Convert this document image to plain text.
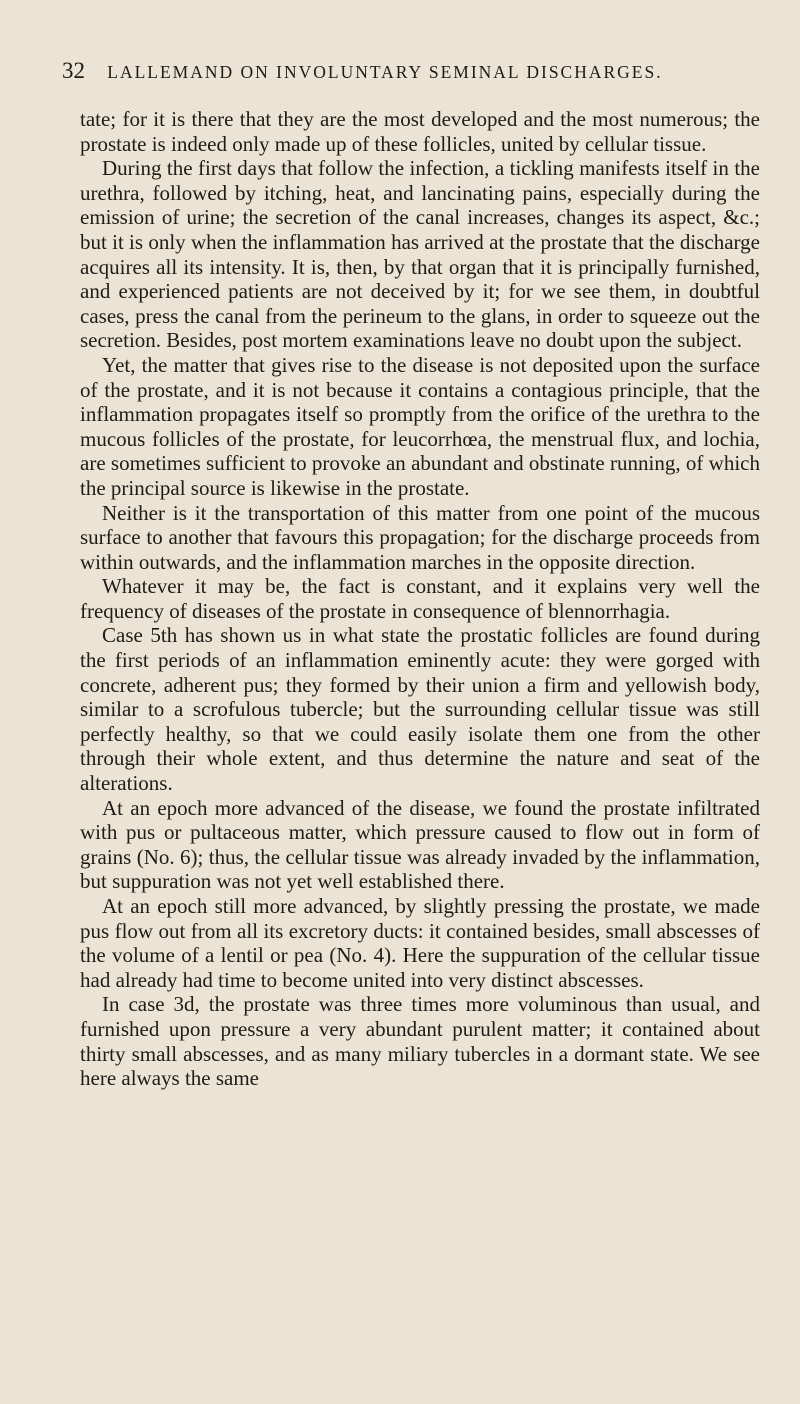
32 LALLEMAND ON INVOLUNTARY SEMINAL DISCHARGES.

tate; for it is there that they are the most developed and the most numerous; the prostate is indeed only made up of these follicles, united by cellular tissue.

During the first days that follow the infection, a tickling manifests itself in the urethra, followed by itching, heat, and lancinating pains, especially during the emission of urine; the secretion of the canal increases, changes its aspect, &c.; but it is only when the inflammation has arrived at the prostate that the discharge acquires all its intensity. It is, then, by that organ that it is principally furnished, and experienced patients are not deceived by it; for we see them, in doubtful cases, press the canal from the perineum to the glans, in order to squeeze out the secretion. Besides, post mortem examinations leave no doubt upon the subject.

Yet, the matter that gives rise to the disease is not deposited upon the surface of the prostate, and it is not because it contains a contagious principle, that the inflammation propagates itself so promptly from the orifice of the urethra to the mucous follicles of the prostate, for leucorrhœa, the menstrual flux, and lochia, are sometimes sufficient to provoke an abundant and obstinate running, of which the principal source is likewise in the prostate.

Neither is it the transportation of this matter from one point of the mucous surface to another that favours this propagation; for the discharge proceeds from within outwards, and the inflammation marches in the opposite direction.

Whatever it may be, the fact is constant, and it explains very well the frequency of diseases of the prostate in consequence of blennorrhagia.

Case 5th has shown us in what state the prostatic follicles are found during the first periods of an inflammation eminently acute: they were gorged with concrete, adherent pus; they formed by their union a firm and yellowish body, similar to a scrofulous tubercle; but the surrounding cellular tissue was still perfectly healthy, so that we could easily isolate them one from the other through their whole extent, and thus determine the nature and seat of the alterations.

At an epoch more advanced of the disease, we found the prostate infiltrated with pus or pultaceous matter, which pressure caused to flow out in form of grains (No. 6); thus, the cellular tissue was already invaded by the inflammation, but suppuration was not yet well established there.

At an epoch still more advanced, by slightly pressing the prostate, we made pus flow out from all its excretory ducts: it contained besides, small abscesses of the volume of a lentil or pea (No. 4). Here the suppuration of the cellular tissue had already had time to become united into very distinct abscesses.

In case 3d, the prostate was three times more voluminous than usual, and furnished upon pressure a very abundant purulent matter; it contained about thirty small abscesses, and as many miliary tubercles in a dormant state. We see here always the same
